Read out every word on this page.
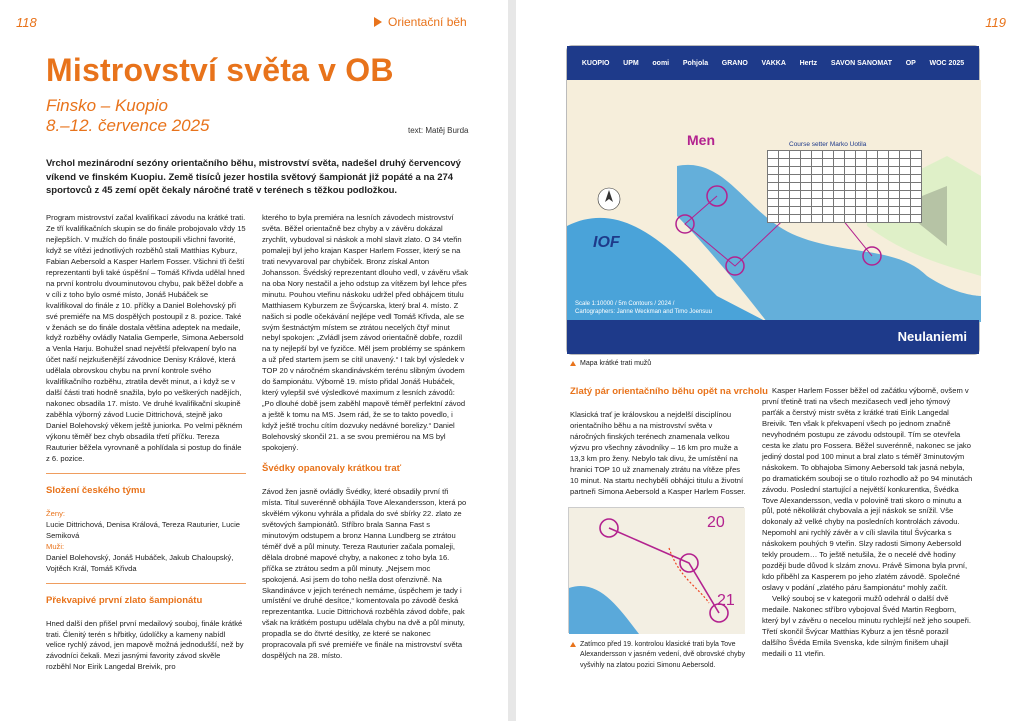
118
Mistrovství světa v OB
Finsko – Kuopio
8.–12. července 2025	text: Matěj Burda
Vrchol mezinárodní sezóny orientačního běhu, mistrovství světa, nadešel druhý červencový víkend ve finském Kuopiu. Země tisíců jezer hostila světový šampionát již popáté a na 274 sportovců z 45 zemí opět čekaly náročné tratě v terénech s těžkou podložkou.

Program mistrovství začal kvalifikací závodu na krátké trati. Ze tří kvalifikačních skupin se do finále probojovalo vždy 15 nejlepších. V mužích do finále postoupili všichni favorité, když se vítězi jednotlivých rozběhů stali Matthias Kyburz, Fabian Aebersold a Kasper Harlem Fosser. Všichni tři čeští reprezentanti byli také úspěšní – Tomáš Křivda udělal hned na první kontrolu dvouminutovou chybu, pak běžel dobře a v cíli z toho bylo osmé místo, Jonáš Hubáček se kvalifikoval do finále z 10. příčky a Daniel Bolehovský při své premiéře na MS dospělých postoupil z 8. pozice. Také v ženách se do finále dostala většina adeptek na medaile, když rozběhy ovládly Natalia Gemperle, Simona Aebersold a Venla Harju. Bohužel snad největší překvapení bylo na účet naší nejzkušenější závodnice Denisy Králové, která udělala obrovskou chybu na první kontrole svého kvalifikačního rozběhu, ztratila devět minut, a i když se v další části trati hodně snažila, bylo po veškerých nadějích, nakonec obsadila 17. místo. Ve druhé kvalifikační skupině zaběhla výborný závod Lucie Dittrichová, stejně jako Daniel Bolehovský věkem ještě juniorka. Po velmi pěkném výkonu těměř bez chyb obsadila třetí příčku. Tereza Rauturier běžela vyrovnaně a pohlídala si postup do finále z 6. pozice.

Složení českého týmu

Ženy:

Lucie Dittrichová, Denisa Králová, Tereza Rauturier, Lucie Semiková

Muži:

Daniel Bolehovský, Jonáš Hubáček, Jakub Chaloupský, Vojtěch Král, Tomáš Křivda

Překvapivé první zlato šampionátu

Hned další den přišel první medailový souboj, finále krátké trati. Členitý terén s hřbitky, údolíčky a kameny nabídl velice rychlý závod, jen mapově možná jednodušší, než by závodníci čekali. Mezi jasnými favority závod skvěle rozběhl Nor Eirik Langedal Breivik, pro

kterého to byla premiéra na lesních závodech mistrovství světa. Běžel orientačně bez chyby a v závěru dokázal zrychlit, vybudoval si náskok a mohl slavit zlato. O 34 vteřin pomaleji byl jeho krajan Kasper Harlem Fosser, který se na trati nevyvaroval par chybiček. Bronz získal Anton Johansson. Švédský reprezentant dlouho vedl, v závěru však na oba Nory nestačil a jeho odstup za vítězem byl lehce přes minutu. Pouhou vteřinu náskoku udržel před obhájcem titulu Matthiasem Kyburzem ze Švýcarska, který bral 4. místo. Z našich si podle očekávání nejlépe vedl Tomáš Křivda, ale se svým šestnáctým místem se ztrátou necelých čtyř minut nebyl spokojen: „Zvládl jsem závod orientačně dobře, rozdíl na ty nejlepší byl ve fyzičce. Měl jsem problémy se spánkem a už před startem jsem se cítil unavený.“ I tak byl výsledek v TOP 20 v náročném skandinávském terénu slibným úvodem do šampionátu. Výborně 19. místo přidal Jonáš Hubáček, který vylepšil své výsledkové maximum z lesních závodů: „Po dlouhé době jsem zaběhl mapově téměř perfektní závod a ještě k tomu na MS. Jsem rád, že se to takto povedlo, i když ještě trochu cítím dozvuky nedávné borelizy.“ Daniel Bolehovský skončil 21. a se svou premiérou na MS byl spokojený.

Švédky opanovaly krátkou trať

Závod žen jasně ovládly Švédky, které obsadily první tři místa. Titul suverénně obhájila Tove Alexandersson, která po skvělém výkonu vyhrála a přidala do své sbírky 22. zlato ze světových šampionátů. Stříbro brala Sanna Fast s minutovým odstupem a bronz Hanna Lundberg se ztrátou téměř dvě a půl minuty. Tereza Rauturier začala pomaleji, dělala drobné mapové chyby, a nakonec z toho byla 16. příčka se ztrátou sedm a půl minuty. „Nejsem moc spokojená. Asi jsem do toho nešla dost ofenzivně. Na Skandinávce v jejich terénech nemáme, úspěchem je tady i umístění ve druhé desítce,“ komentovala po závodě česká reprezentantka. Lucie Dittrichová rozběhla závod dobře, pak však na krátkém postupu udělala chybu na dvě a půl minuty, propadla se do čtvrté desítky, ze které se nakonec propracovala při své premiéře ve finále na mistrovství světa dospělých na 28. místo.

Orientační běh	119
KUOPIO UPM oomi Pohjola GRANO VAKKA Hertz SAVON SANOMAT OP WOC 2025
Men	Course setter Marko Uotila

IOF
Scale 1:10000 / 5m Contours / 2024 /
Cartographers: Janne Weckman and Timo Joensuu
Neulaniemi
Mapa krátké trati mužů
Zlatý pár orientačního běhu opět na vrcholu

Klasická trať je královskou a nejdelší disciplínou orientačního běhu a na mistrovství světa v náročných finských terénech znamenala velkou výzvu pro všechny závodníky – 16 km pro muže a 13,3 km pro ženy. Nebylo tak divu, že umístění na hranici TOP 10 už znamenaly ztrátu na vítěze přes 10 minut. Na startu nechyběli obhájci titulu a životní partneři Simona Aebersold a Kasper Harlem Fosser.

20
21
Zatímco před 19. kontrolou klasické trati byla Tove Alexandersson v jasném vedení, dvě obrovské chyby vyšvihly na zlatou pozici Simonu Aebersold.

Kasper Harlem Fosser běžel od začátku výborně, ovšem v první třetině trati na všech mezičasech vedl jeho týmový parťák a čerstvý mistr světa z krátké trati Eirik Langedal Breivik. Ten však k překvapení všech po jednom značně nevyhodném postupu ze závodu odstoupil. Tím se otevřela cesta ke zlatu pro Fossera. Běžel suverénně, nakonec se jako jediný dostal pod 100 minut a bral zlato s téměř 3minutovým náskokem. To obhajoba Simony Aebersold tak jasná nebyla, po dramatickém souboji se o titulo rozhodlo až po 94 minutách závodu. Poslední startující a největší konkurentka, Švédka Tove Alexandersson, vedla v polovině trati skoro o minutu a půl, poté několikrát chybovala a její náskok se snížil. Vše dokonaly až velké chyby na posledních kontrolách závodu. Nepomohl ani rychlý závěr a v cíli slavila titul Švýcarka s náskokem pouhých 9 vteřin. Slzy radosti Simony Aebersold tekly proudem… To ještě netušila, že o necelé dvě hodiny později bude důvod k slzám znovu. Právě Simona byla první, kdo přiběhl za Kasperem po jeho zlatém závodě. Společné oslavy v podání „zlatého páru šampionátu“ mohly začít.

Velký souboj se v kategorii mužů odehrál o další dvě medaile. Nakonec stříbro vybojoval Švéd Martin Regborn, který byl v závěru o necelou minutu rychlejší než jeho soupeři. Třetí skončil Švýcar Matthias Kyburz a jen těsně porazil dalšího Švéda Emila Svenska, kde silným finišem uhajil medaili o 11 vteřin.
